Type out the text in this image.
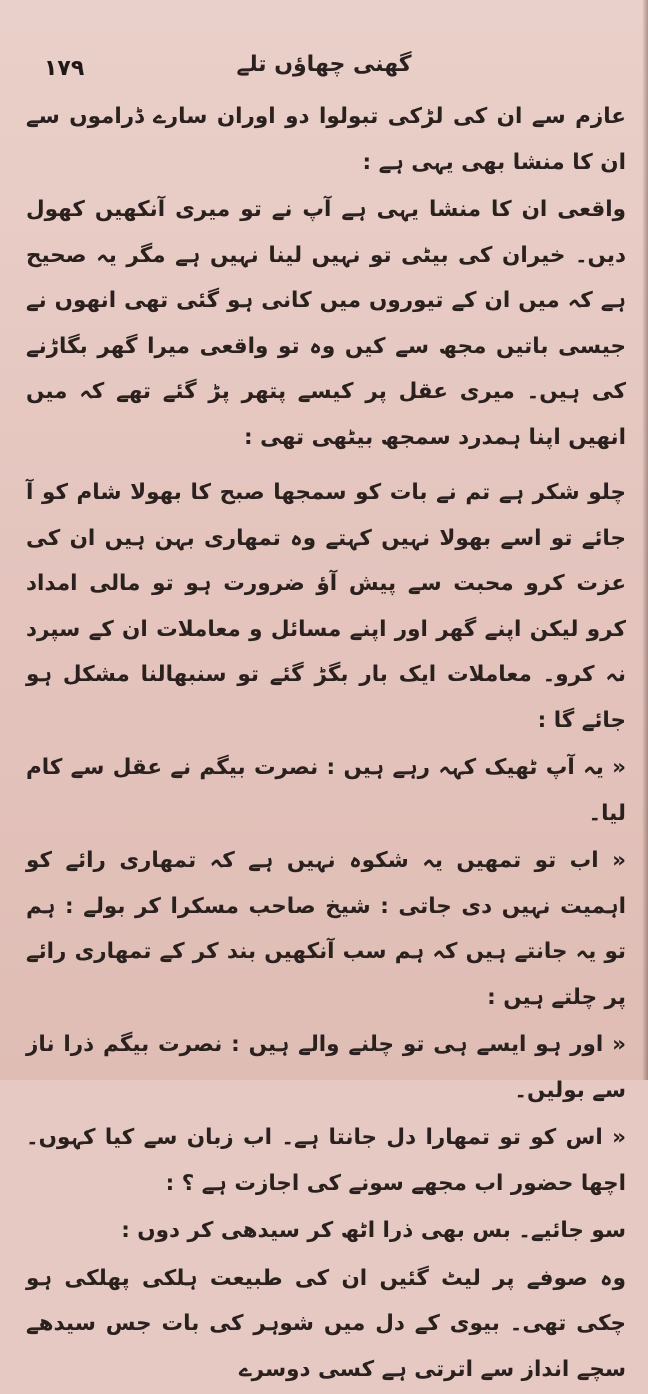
۱۷۹	گھنی چھاؤں تلے

عازم سے ان کی لڑکی تبولوا دو اوران سارے ڈراموں سے ان کا منشا بھی یہی ہے :

واقعی ان کا منشا یہی ہے آپ نے تو میری آنکھیں کھول دیں۔ خیران کی بیٹی تو نہیں لینا نہیں ہے مگر یہ صحیح ہے کہ میں ان کے تیوروں میں کانی ہو گئی تھی انھوں نے جیسی باتیں مجھ سے کیں وہ تو واقعی میرا گھر بگاڑنے کی ہیں۔ میری عقل پر کیسے پتھر پڑ گئے تھے کہ میں انھیں اپنا ہمدرد سمجھ بیٹھی تھی :

چلو شکر ہے تم نے بات کو سمجھا صبح کا بھولا شام کو آ جائے تو اسے بھولا نہیں کہتے وہ تمھاری بہن ہیں ان کی عزت کرو محبت سے پیش آؤ ضرورت ہو تو مالی امداد کرو لیکن اپنے گھر اور اپنے مسائل و معاملات ان کے سپرد نہ کرو۔ معاملات ایک بار بگڑ گئے تو سنبھالنا مشکل ہو جائے گا :

« یہ آپ ٹھیک کہہ رہے ہیں : نصرت بیگم نے عقل سے کام لیا۔

« اب تو تمھیں یہ شکوہ نہیں ہے کہ تمھاری رائے کو اہمیت نہیں دی جاتی : شیخ صاحب مسکرا کر بولے : ہم تو یہ جانتے ہیں کہ ہم سب آنکھیں بند کر کے تمھاری رائے پر چلتے ہیں :

« اور ہو ایسے ہی تو چلنے والے ہیں : نصرت بیگم ذرا ناز سے بولیں۔

« اس کو تو تمھارا دل جانتا ہے۔ اب زبان سے کیا کہوں۔ اچھا حضور اب مجھے سونے کی اجازت ہے ؟ :

سو جائیے۔ بس بھی ذرا اٹھ کر سیدھی کر دوں :

وہ صوفے پر لیٹ گئیں ان کی طبیعت ہلکی پھلکی ہو چکی تھی۔ بیوی کے دل میں شوہر کی بات جس سیدھے سچے انداز سے اترتی ہے کسی دوسرے
